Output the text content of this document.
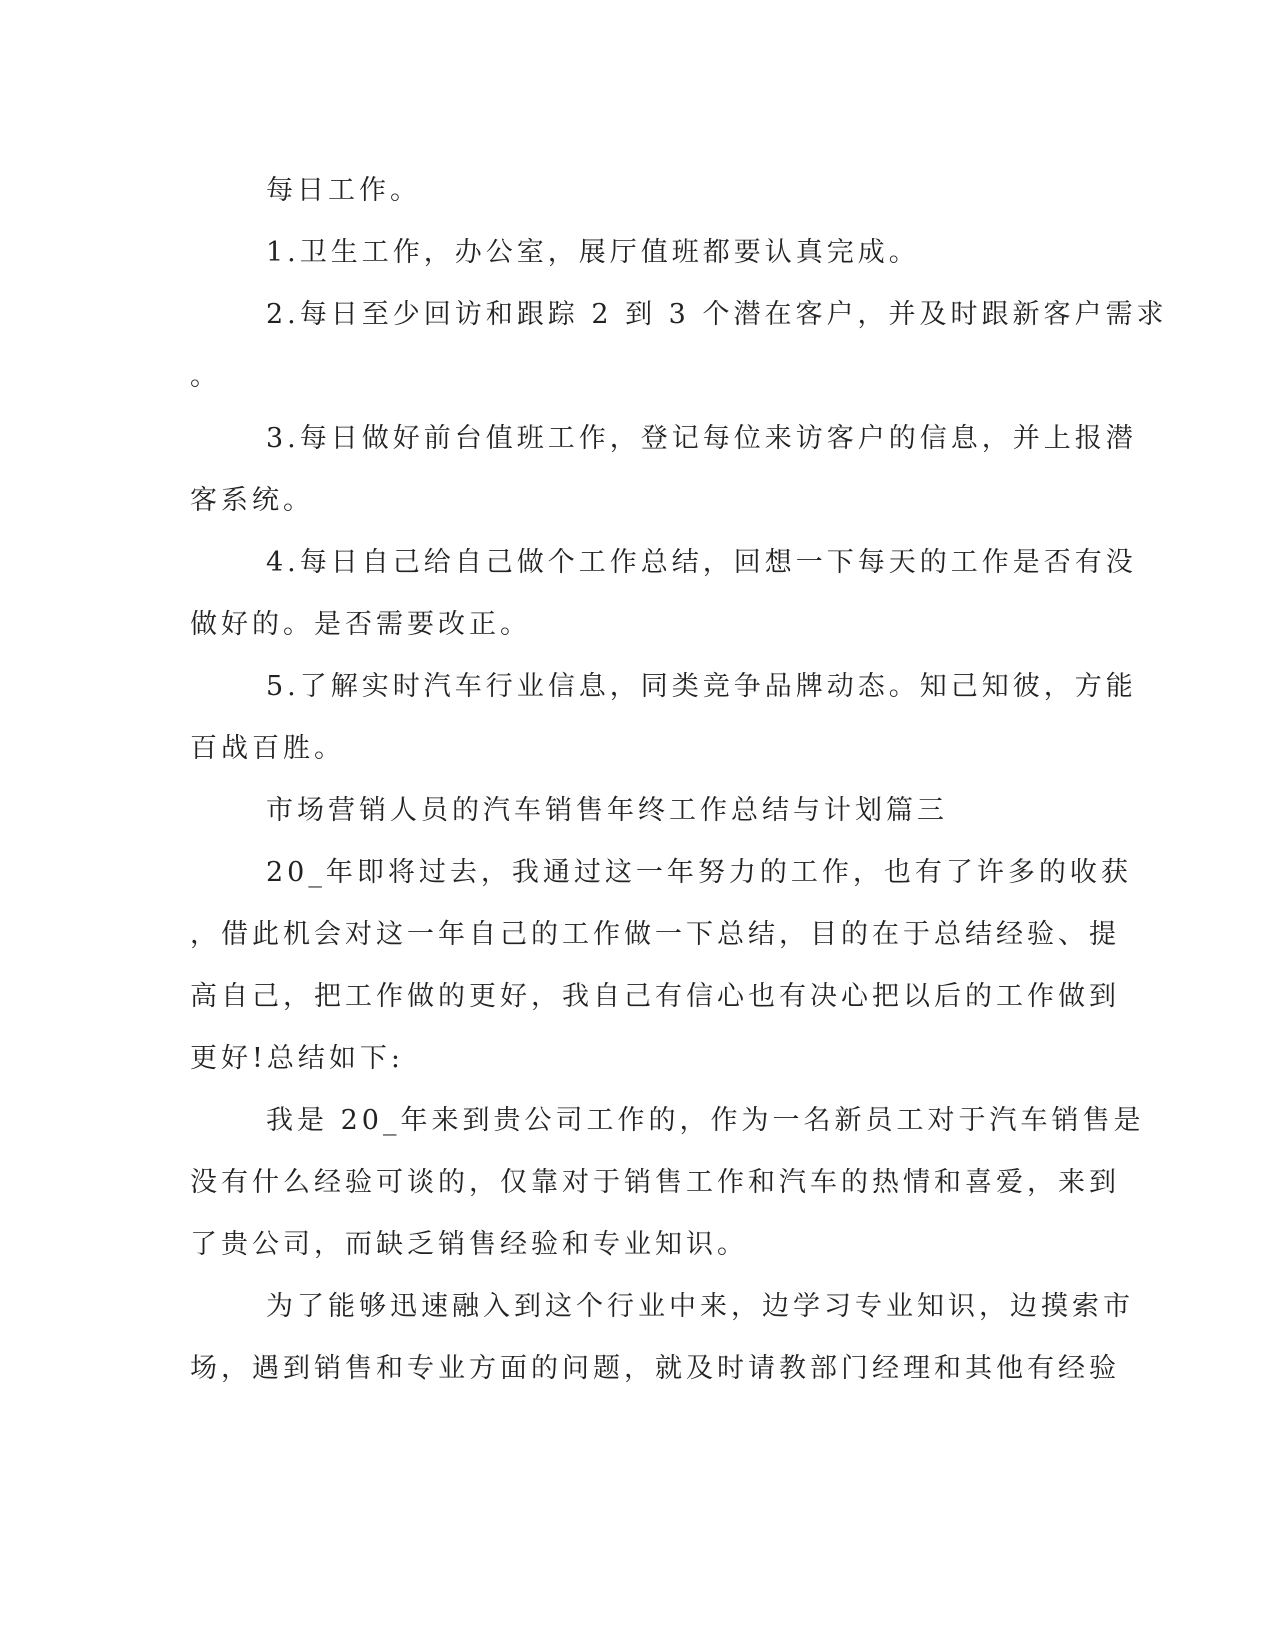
每日工作。
1.卫生工作，办公室，展厅值班都要认真完成。
2.每日至少回访和跟踪 2 到 3 个潜在客户，并及时跟新客户需求
。
3.每日做好前台值班工作，登记每位来访客户的信息，并上报潜
客系统。
4.每日自己给自己做个工作总结，回想一下每天的工作是否有没
做好的。是否需要改正。
5.了解实时汽车行业信息，同类竞争品牌动态。知己知彼，方能
百战百胜。
市场营销人员的汽车销售年终工作总结与计划篇三
20_年即将过去，我通过这一年努力的工作，也有了许多的收获
，借此机会对这一年自己的工作做一下总结，目的在于总结经验、提
高自己，把工作做的更好，我自己有信心也有决心把以后的工作做到
更好!总结如下:
我是 20_年来到贵公司工作的，作为一名新员工对于汽车销售是
没有什么经验可谈的，仅靠对于销售工作和汽车的热情和喜爱，来到
了贵公司，而缺乏销售经验和专业知识。
为了能够迅速融入到这个行业中来，边学习专业知识，边摸索市
场，遇到销售和专业方面的问题，就及时请教部门经理和其他有经验
